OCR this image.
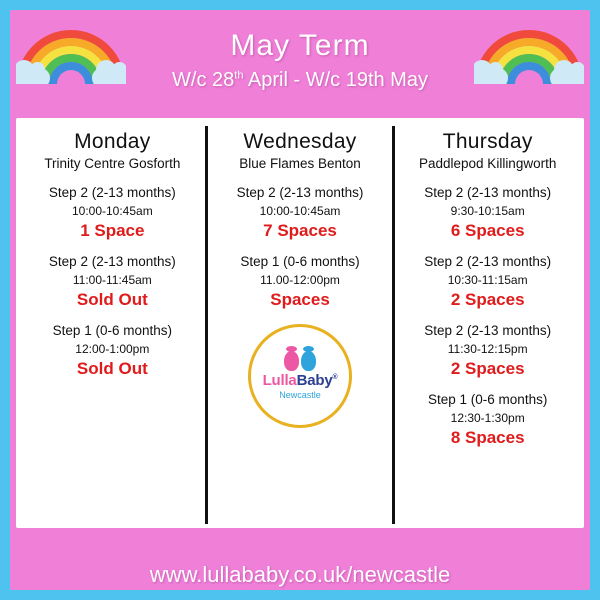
May Term
W/c 28th April - W/c 19th May
Monday
Trinity Centre Gosforth
Step 2 (2-13 months)
10:00-10:45am
1 Space
Step 2 (2-13 months)
11:00-11:45am
Sold Out
Step 1 (0-6 months)
12:00-1:00pm
Sold Out
Wednesday
Blue Flames Benton
Step 2 (2-13 months)
10:00-10:45am
7 Spaces
Step 1 (0-6 months)
11.00-12:00pm
Spaces
LullaBaby®
Newcastle
Thursday
Paddlepod Killingworth
Step 2 (2-13 months)
9:30-10:15am
6 Spaces
Step 2 (2-13 months)
10:30-11:15am
2 Spaces
Step 2 (2-13 months)
11:30-12:15pm
2 Spaces
Step 1 (0-6 months)
12:30-1:30pm
8 Spaces
www.lullababy.co.uk/newcastle
